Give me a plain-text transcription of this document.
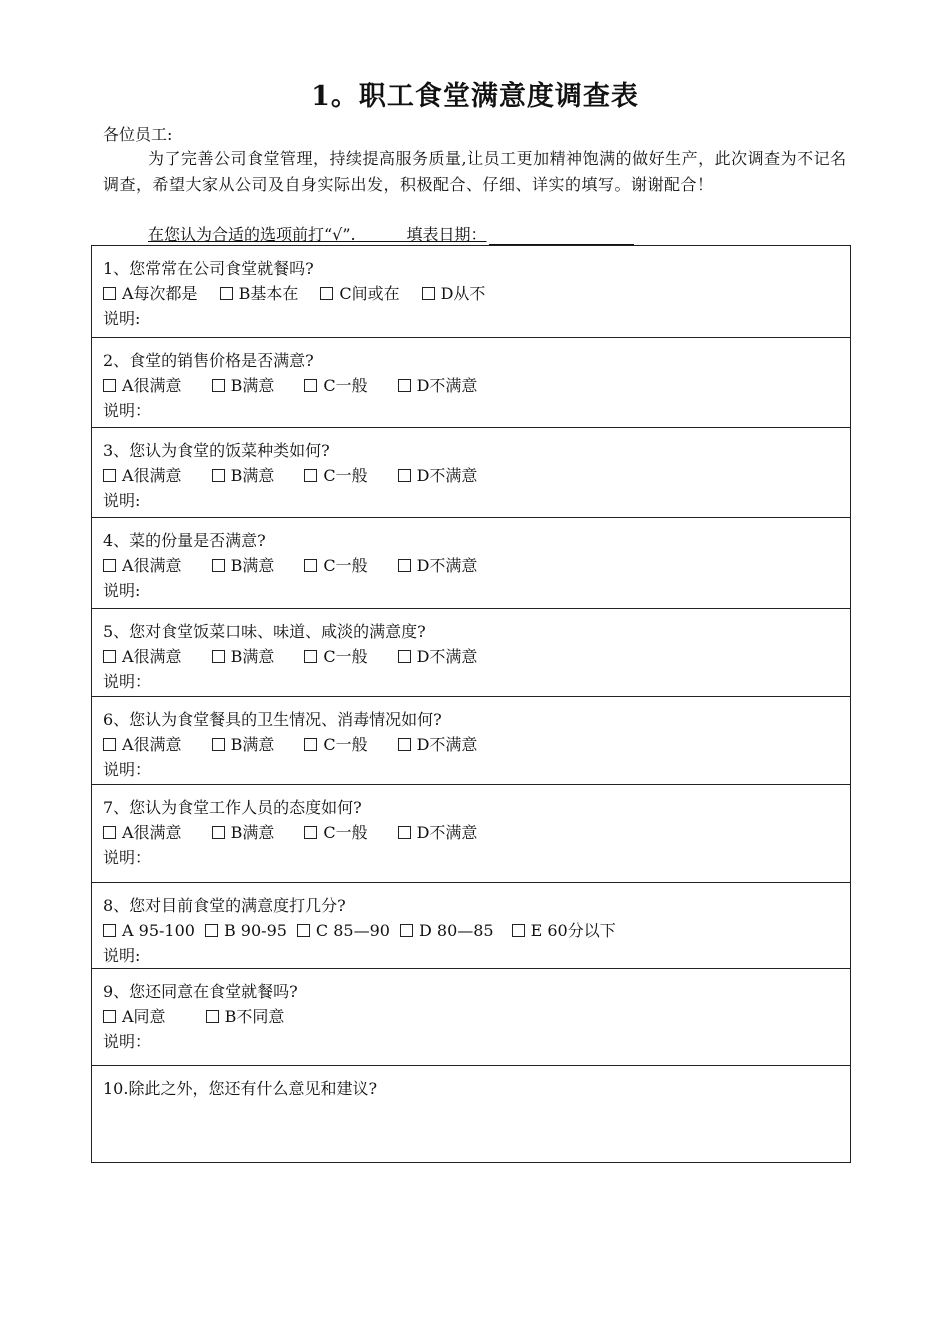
1。职工食堂满意度调查表
各位员工:
为了完善公司食堂管理，持续提高服务质量,让员工更加精神饱满的做好生产，此次调查为不记名调查，希望大家从公司及自身实际出发，积极配合、仔细、详实的填写。谢谢配合！
在您认为合适的选项前打“√”.	填表日期：
1、您常常在公司食堂就餐吗?
A每次都是	B基本在	C间或在	D从不
说明:
2、食堂的销售价格是否满意?
A很满意	B满意	C一般	D不满意
说明：
3、您认为食堂的饭菜种类如何?
A很满意	B满意	C一般	D不满意
说明:
4、菜的份量是否满意?
A很满意	B满意	C一般	D不满意
说明:
5、您对食堂饭菜口味、味道、咸淡的满意度?
A很满意	B满意	C一般	D不满意
说明：
6、您认为食堂餐具的卫生情况、消毒情况如何?
A很满意	B满意	C一般	D不满意
说明：
7、您认为食堂工作人员的态度如何?
A很满意	B满意	C一般	D不满意
说明：
8、您对目前食堂的满意度打几分?
A 95-100 B 90-95 C 85—90 D 80—85 E 60分以下
说明:
9、您还同意在食堂就餐吗?
A同意	B不同意
说明：
10.除此之外，您还有什么意见和建议?
